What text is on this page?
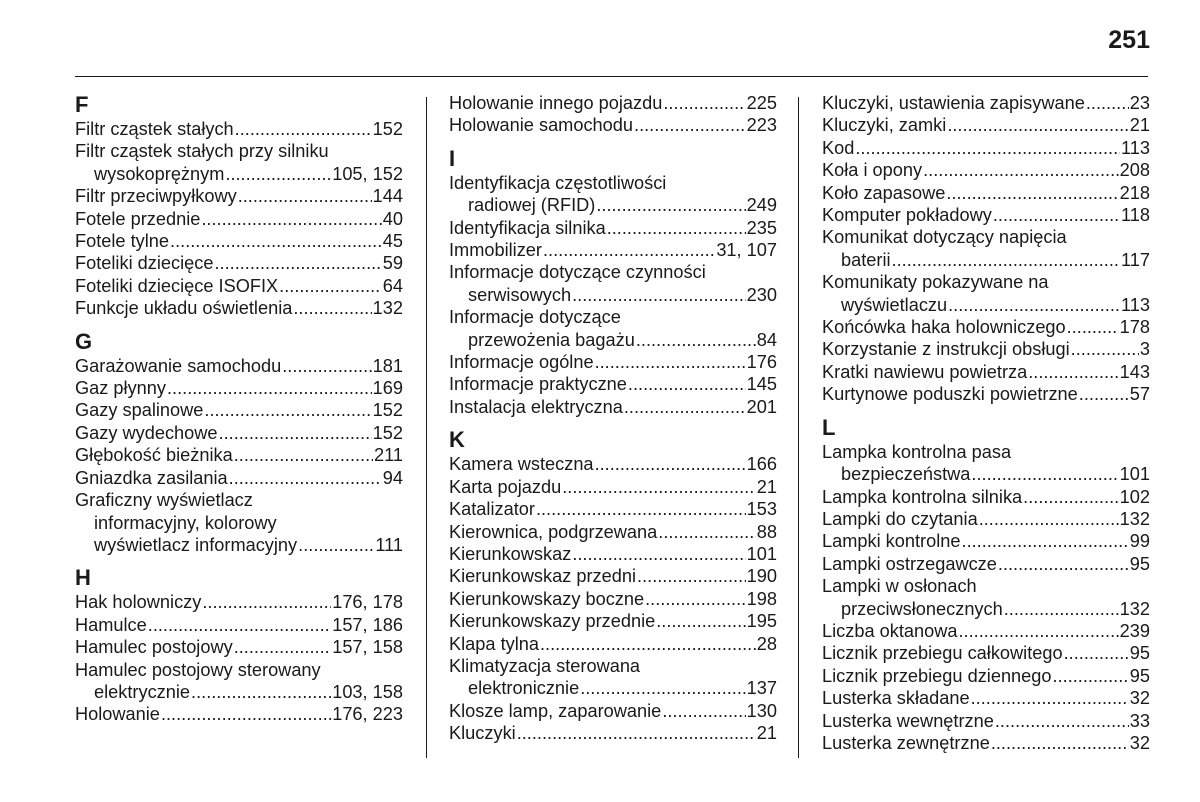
251
F
Filtr cząstek stałych .....	152
Filtr cząstek stałych przy silniku
wysokoprężnym .....	105, 152
Filtr przeciwpyłkowy .....	144
Fotele przednie .....	40
Fotele tylne .....	45
Foteliki dziecięce .....	59
Foteliki dziecięce ISOFIX .....	64
Funkcje układu oświetlenia .....	132
G
Garażowanie samochodu .....	181
Gaz płynny .....	169
Gazy spalinowe .....	152
Gazy wydechowe .....	152
Głębokość bieżnika .....	211
Gniazdka zasilania .....	94
Graficzny wyświetlacz
informacyjny, kolorowy
wyświetlacz informacyjny .....	111
H
Hak holowniczy .....	176, 178
Hamulce .....	157, 186
Hamulec postojowy .....	157, 158
Hamulec postojowy sterowany
elektrycznie .....	103, 158
Holowanie .....	176, 223
Holowanie innego pojazdu .....	225
Holowanie samochodu .....	223
I
Identyfikacja częstotliwości
radiowej (RFID) .....	249
Identyfikacja silnika .....	235
Immobilizer .....	31, 107
Informacje dotyczące czynności
serwisowych .....	230
Informacje dotyczące
przewożenia bagażu .....	84
Informacje ogólne .....	176
Informacje praktyczne .....	145
Instalacja elektryczna .....	201
K
Kamera wsteczna .....	166
Karta pojazdu .....	21
Katalizator .....	153
Kierownica, podgrzewana .....	88
Kierunkowskaz .....	101
Kierunkowskaz przedni .....	190
Kierunkowskazy boczne .....	198
Kierunkowskazy przednie .....	195
Klapa tylna .....	28
Klimatyzacja sterowana
elektronicznie .....	137
Klosze lamp, zaparowanie .....	130
Kluczyki .....	21
Kluczyki, ustawienia zapisywane ..... 23
Kluczyki, zamki .....	21
Kod .....	113
Koła i opony .....	208
Koło zapasowe .....	218
Komputer pokładowy .....	118
Komunikat dotyczący napięcia
baterii .....	117
Komunikaty pokazywane na
wyświetlaczu .....	113
Końcówka haka holowniczego .....	178
Korzystanie z instrukcji obsługi .....	3
Kratki nawiewu powietrza .....	143
Kurtynowe poduszki powietrzne .....	57
L
Lampka kontrolna pasa
bezpieczeństwa .....	101
Lampka kontrolna silnika .....	102
Lampki do czytania .....	132
Lampki kontrolne .....	99
Lampki ostrzegawcze .....	95
Lampki w osłonach
przeciwsłonecznych .....	132
Liczba oktanowa .....	239
Licznik przebiegu całkowitego .....	95
Licznik przebiegu dziennego .....	95
Lusterka składane .....	32
Lusterka wewnętrzne .....	33
Lusterka zewnętrzne .....	32
